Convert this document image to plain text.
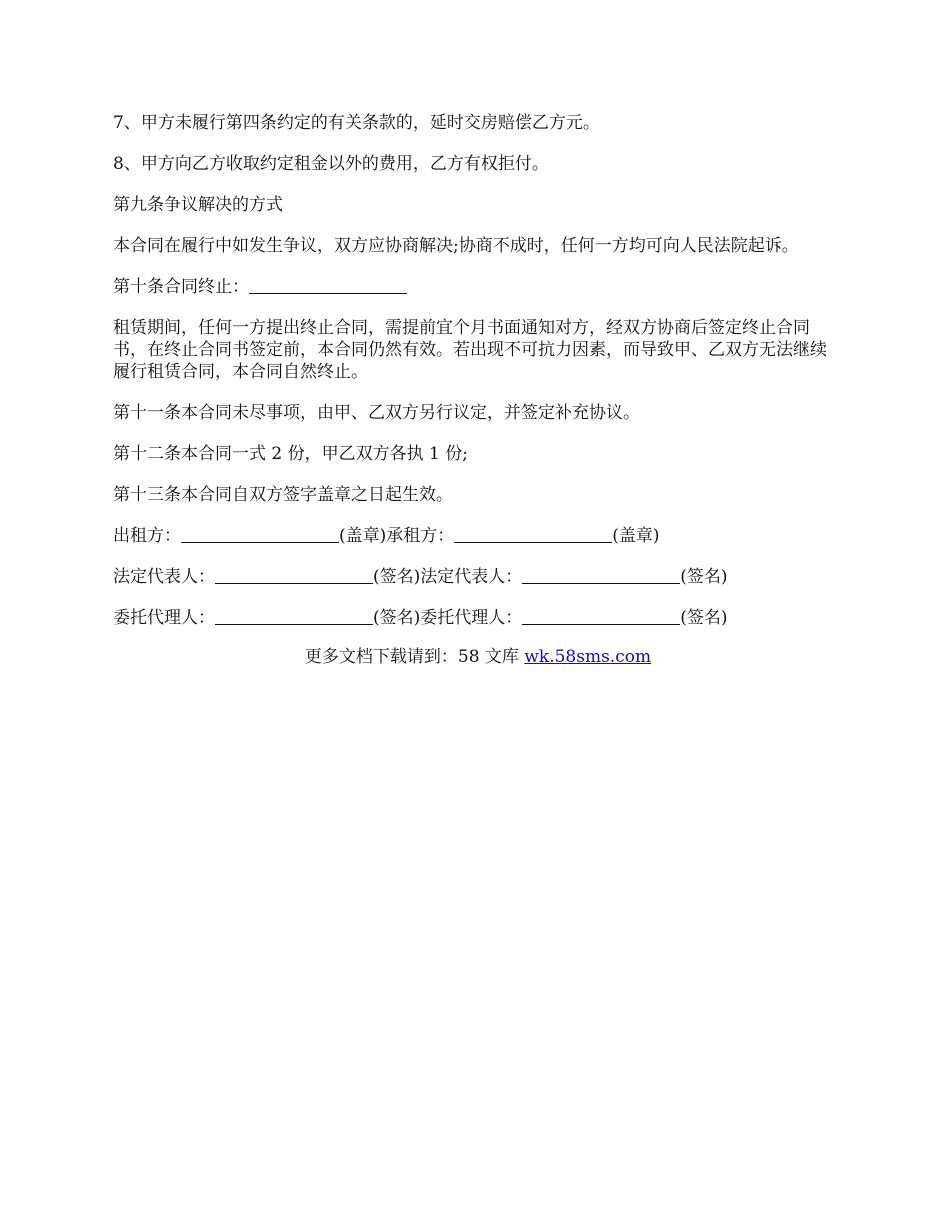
7、甲方未履行第四条约定的有关条款的，延时交房赔偿乙方元。

8、甲方向乙方收取约定租金以外的费用，乙方有权拒付。

第九条争议解决的方式

本合同在履行中如发生争议，双方应协商解决;协商不成时，任何一方均可向人民法院起诉。

第十条合同终止：

租赁期间，任何一方提出终止合同，需提前宜个月书面通知对方，经双方协商后签定终止合同书，在终止合同书签定前，本合同仍然有效。若出现不可抗力因素，而导致甲、乙双方无法继续履行租赁合同，本合同自然终止。

第十一条本合同未尽事项，由甲、乙双方另行议定，并签定补充协议。

第十二条本合同一式 2 份，甲乙双方各执 1 份;

第十三条本合同自双方签字盖章之日起生效。

出租方：	(盖章)承租方：	(盖章)

法定代表人：	(签名)法定代表人：	(签名)

委托代理人：	(签名)委托代理人：	(签名)

更多文档下载请到：58 文库 wk.58sms.com
